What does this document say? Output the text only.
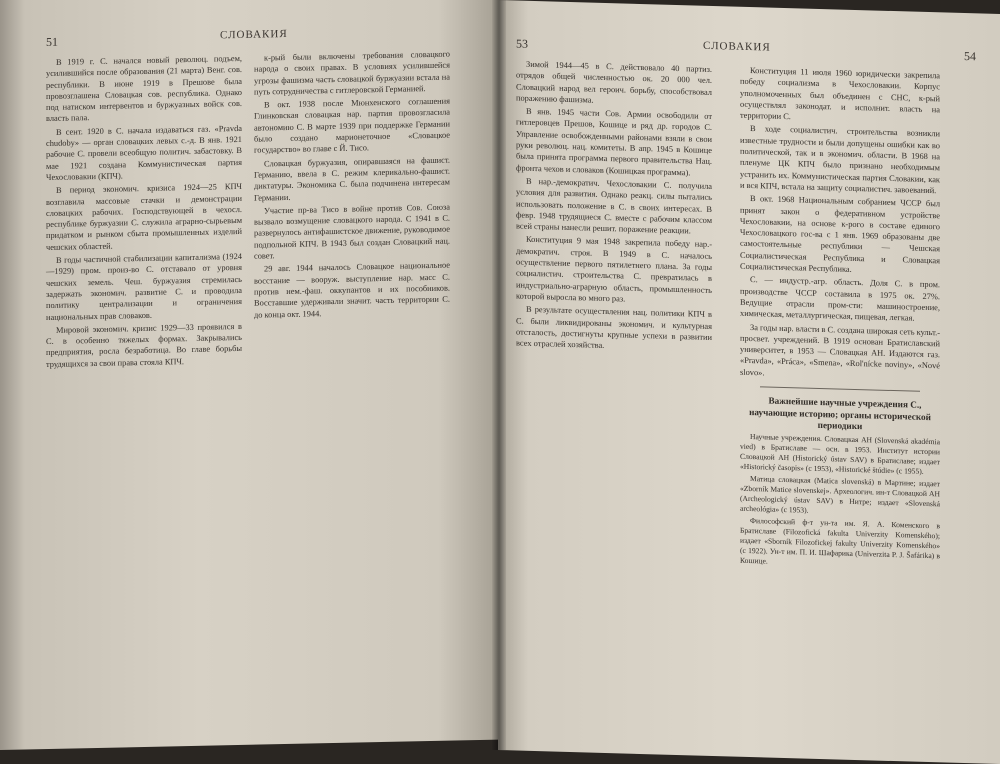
51
СЛОВАКИЯ

В 1919 г. С. начался новый революц. подъем, усилившийся после образования (21 марта) Венг. сов. республики. В июне 1919 в Прешове была провозглашена Словацкая сов. республика. Однако под натиском интервентов и буржуазных войск сов. власть пала.

В сент. 1920 в С. начала издаваться газ. «Pravda chudoby» — орган словацких левых с.-д. В янв. 1921 рабочие С. провели всеобщую политич. забастовку. В мае 1921 создана Коммунистическая партия Чехословакии (КПЧ).

В период экономич. кризиса 1924—25 КПЧ возглавила массовые стачки и демонстрации словацких рабочих. Господствующей в чехосл. республике буржуазии С. служила аграрно-сырьевым придатком и рынком сбыта промышленных изделий чешских областей.

В годы частичной стабилизации капитализма (1924—1929) пром. произ-во С. отставало от уровня чешских земель. Чеш. буржуазия стремилась задержать экономич. развитие С. и проводила политику централизации и ограничения национальных прав словаков.

Мировой экономич. кризис 1929—33 проявился в С. в особенно тяжелых формах. Закрывались предприятия, росла безработица. Во главе борьбы трудящихся за свои права стояла КПЧ.

к-рый были включены требования словацкого народа о своих правах. В условиях усилившейся угрозы фашизма часть словацкой буржуазии встала на путь сотрудничества с гитлеровской Германией.

В окт. 1938 после Мюнхенского соглашения Глинковская словацкая нар. партия провозгласила автономию С. В марте 1939 при поддержке Германии было создано марионеточное «Словацкое государство» во главе с Й. Тисо.

Словацкая буржуазия, опиравшаяся на фашист. Германию, ввела в С. режим клерикально-фашист. диктатуры. Экономика С. была подчинена интересам Германии.

Участие пр-ва Тисо в войне против Сов. Союза вызвало возмущение словацкого народа. С 1941 в С. развернулось антифашистское движение, руководимое подпольной КПЧ. В 1943 был создан Словацкий нац. совет.

29 авг. 1944 началось Словацкое национальное восстание — вооруж. выступление нар. масс С. против нем.-фаш. оккупантов и их пособников. Восставшие удерживали значит. часть территории С. до конца окт. 1944.

53	СЛОВАКИЯ
54

Зимой 1944—45 в С. действовало 40 партиз. отрядов общей численностью ок. 20 000 чел. Словацкий народ вел героич. борьбу, способствовал поражению фашизма.

В янв. 1945 части Сов. Армии освободили от гитлеровцев Прешов, Кошице и ряд др. городов С. Управление освобожденными районами взяли в свои руки революц. нац. комитеты. В апр. 1945 в Кошице была принята программа первого правительства Нац. фронта чехов и словаков (Кошицкая программа).

В нар.-демократич. Чехословакии С. получила условия для развития. Однако реакц. силы пытались использовать положение в С. в своих интересах. В февр. 1948 трудящиеся С. вместе с рабочим классом всей страны нанесли решит. поражение реакции.

Конституция 9 мая 1948 закрепила победу нар.-демократич. строя. В 1949 в С. началось осуществление первого пятилетнего плана. За годы социалистич. строительства С. превратилась в индустриально-аграрную область, промышленность которой выросла во много раз.

В результате осуществления нац. политики КПЧ в С. были ликвидированы экономич. и культурная отсталость, достигнуты крупные успехи в развитии всех отраслей хозяйства.

Конституция 11 июля 1960 юридически закрепила победу социализма в Чехословакии. Корпус уполномоченных был объединен с СНС, к-рый осуществлял законодат. и исполнит. власть на территории С.

В ходе социалистич. строительства возникли известные трудности и были допущены ошибки как во политической, так и в экономич. области. В 1968 на пленуме ЦК КПЧ было признано необходимым устранить их. Коммунистическая партия Словакии, как и вся КПЧ, встала на защиту социалистич. завоеваний.

В окт. 1968 Национальным собранием ЧССР был принят закон о федеративном устройстве Чехословакии, на основе к-рого в составе единого Чехословацкого гос-ва с 1 янв. 1969 образованы две самостоятельные республики — Чешская Социалистическая Республика и Словацкая Социалистическая Республика.

С. — индустр.-агр. область. Доля С. в пром. производстве ЧССР составила в 1975 ок. 27%. Ведущие отрасли пром-сти: машиностроение, химическая, металлургическая, пищевая, легкая.

За годы нар. власти в С. создана широкая сеть культ.-просвет. учреждений. В 1919 основан Братиславский университет, в 1953 — Словацкая АН. Издаются газ. «Pravda», «Práca», «Smena», «Rol'nícke noviny», «Nové slovo».

Важнейшие научные учреждения С., научающие историю; органы исторической периодики

Научные учреждения. Словацкая АН (Slovenská akadémia vied) в Братиславе — осн. в 1953. Институт истории Словацкой АН (Historický ústav SAV) в Братиславе; издает «Historický časopis» (с 1953), «Historické štúdie» (с 1955).

Матица словацкая (Matica slovenská) в Мартине; издает «Zborník Matice slovenskej». Археологич. ин-т Словацкой АН (Archeologický ústav SAV) в Нитре; издает «Slovenská archeológia» (с 1953).

Философский ф-т ун-та им. Я. А. Коменского в Братиславе (Filozofická fakulta Univerzity Komenského); издает «Sborník Filozofickej fakulty Univerzity Komenského» (с 1922). Ун-т им. П. И. Шафарика (Univerzita P. J. Šafárika) в Кошице.
